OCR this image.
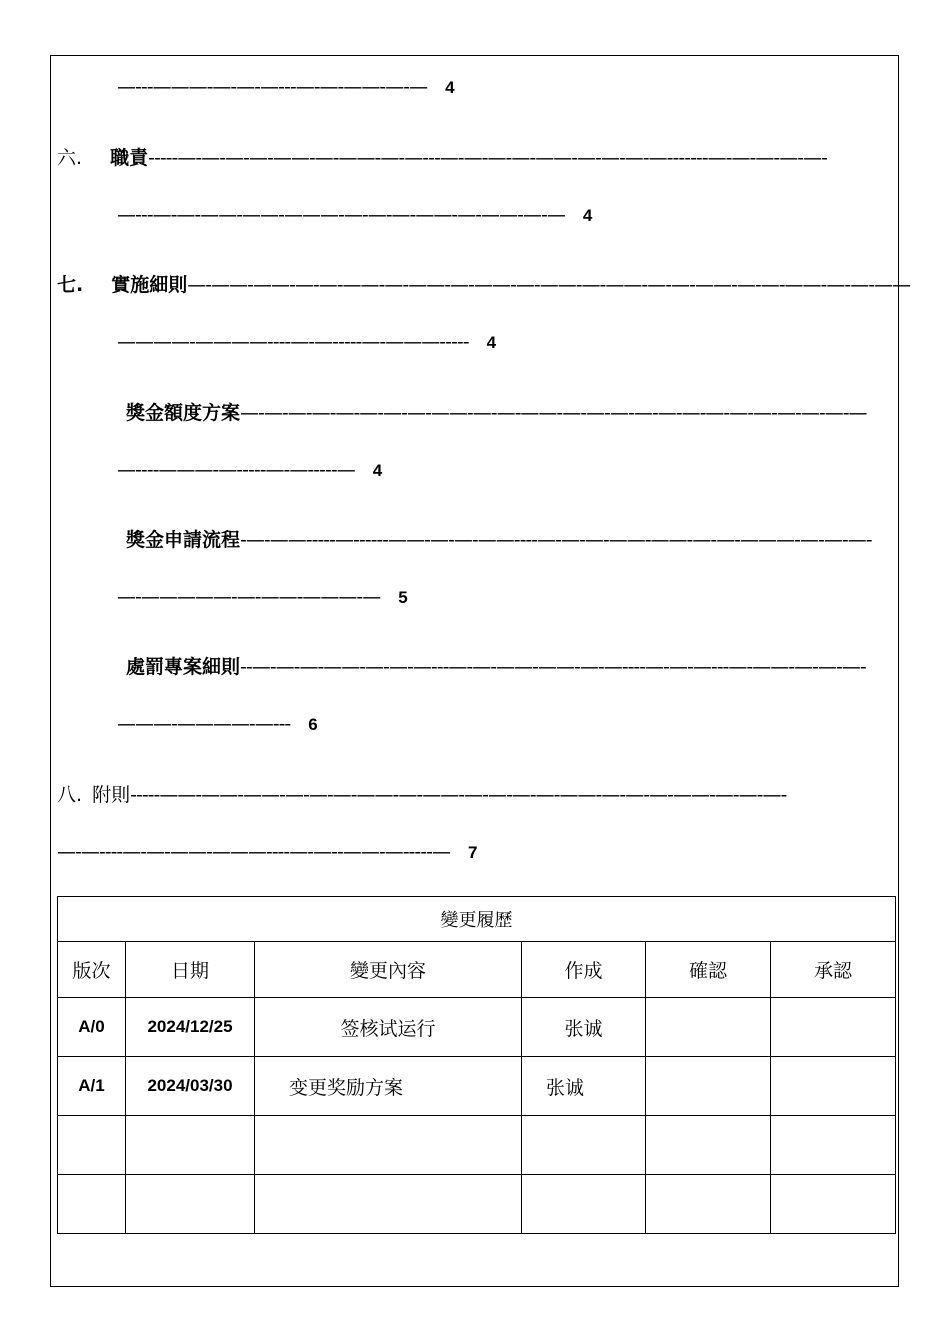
—---———-—-—-—---—-—-——-—-— 4
六. 職責-----—-—-—-—-——-—-——-—-—---—-—-—-—-——-—-—-—-—-------—-—-—-—-—-
—---—-—-——-——-———-—-—-—-——-—-——-—-— 4
七. 實施細則—-——-——-—-—-——-—-——-—-——-—-——-—-——-—-—-——-—-—-——-—-—-——
————-————----—-—-----—-———----- 4
獎金額度方案—-—-—-—-—-—-—-—-——-—-—-——-—-—-—-—-—-—-—-—-—-—-—-—-—
—----———-—-----—-—-----— 4
獎金申請流程-—-——-----—------——-—-—-——----—-—-—-——-——-—-—-———-—-—-—-
—-—————-—-——-———-— 5
處罰專案細則--—-—-—-——-—-—-—---—-—-——-——-—-—----—-—-—---—-——-—-—-—-
———-————-—--- 6
八. 附則-----——-——-——-—-—-—-——-—-——-—-—-—-—-——-—-—-—-——-—-—-—-
—-—----—-—-——-———----—-—--——-—-----— 7
變更履歷					
版次	日期	變更內容	作成	確認	承認
A/0	2024/12/25	签核试运行	张诚		
A/1	2024/03/30	变更奖励方案	张诚		
